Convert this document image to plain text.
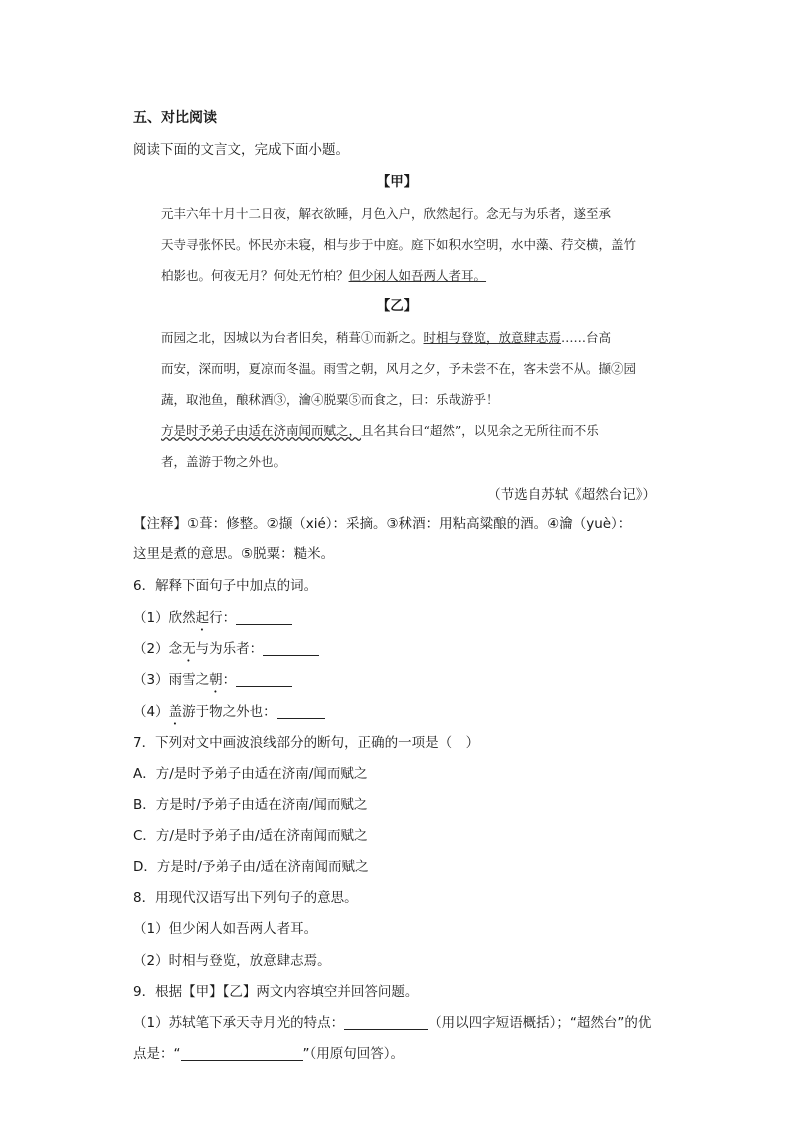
五、对比阅读
阅读下面的文言文，完成下面小题。
【甲】

元丰六年十月十二日夜，解衣欲睡，月色入户，欣然起行。念无与为乐者，遂至承

天寺寻张怀民。怀民亦未寝，相与步于中庭。庭下如积水空明，水中藻、荇交横，盖竹

柏影也。何夜无月？何处无竹柏？但少闲人如吾两人者耳。

【乙】

而园之北，因城以为台者旧矣，稍葺①而新之。时相与登览，放意肆志焉……台高

而安，深而明，夏凉而冬温。雨雪之朝，风月之夕，予未尝不在，客未尝不从。撷②园

蔬，取池鱼，酿秫酒③，瀹④脱粟⑤而食之，曰：乐哉游乎！

方是时予弟子由适在济南闻而赋之，且名其台曰“超然”，以见余之无所往而不乐

者，盖游于物之外也。

（节选自苏轼《超然台记》）
【注释】①葺：修整。②撷（xié）：采摘。③秫酒：用粘高粱酿的酒。④瀹（yuè）：
这里是煮的意思。⑤脱粟：糙米。
6．解释下面句子中加点的词。
（1）欣然起行：
（2）念无与为乐者：
（3）雨雪之朝：
（4）盖游于物之外也：
7．下列对文中画波浪线部分的断句，正确的一项是（　）
A．方/是时予弟子由适在济南/闻而赋之
B．方是时/予弟子由适在济南/闻而赋之
C．方/是时予弟子由/适在济南闻而赋之
D．方是时/予弟子由/适在济南闻而赋之
8．用现代汉语写出下列句子的意思。
（1）但少闲人如吾两人者耳。
（2）时相与登览，放意肆志焉。
9．根据【甲】【乙】两文内容填空并回答问题。
（1）苏轼笔下承天寺月光的特点：	（用以四字短语概括）；“超然台”的优
点是：“	”（用原句回答）。
